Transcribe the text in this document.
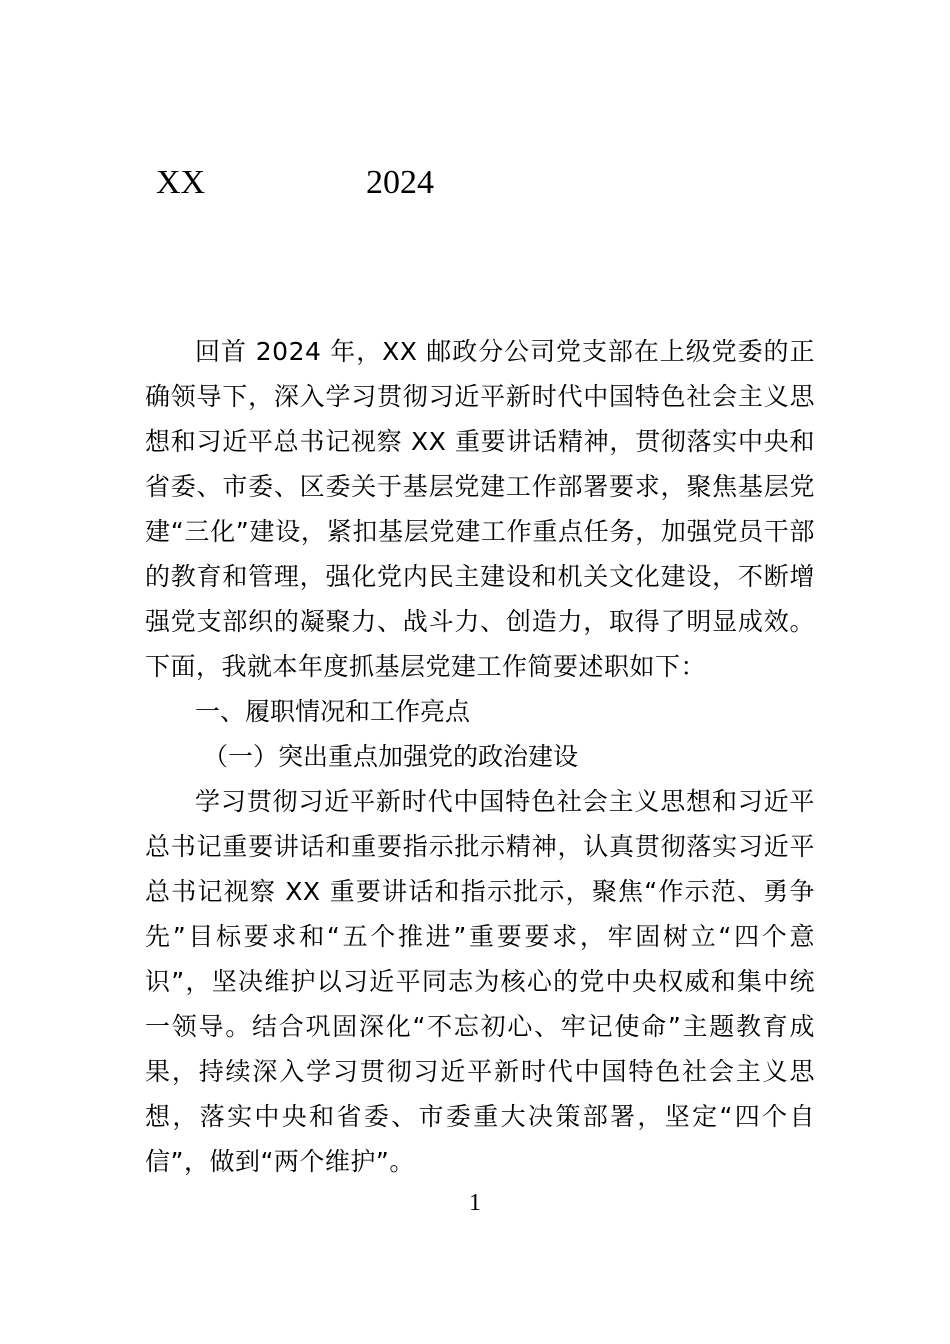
XX	2024

回首 2024 年，XX 邮政分公司党支部在上级党委的正确领导下，深入学习贯彻习近平新时代中国特色社会主义思想和习近平总书记视察 XX 重要讲话精神，贯彻落实中央和省委、市委、区委关于基层党建工作部署要求，聚焦基层党建“三化”建设，紧扣基层党建工作重点任务，加强党员干部的教育和管理，强化党内民主建设和机关文化建设，不断增强党支部织的凝聚力、战斗力、创造力，取得了明显成效。下面，我就本年度抓基层党建工作简要述职如下：

一、履职情况和工作亮点

（一）突出重点加强党的政治建设

学习贯彻习近平新时代中国特色社会主义思想和习近平总书记重要讲话和重要指示批示精神，认真贯彻落实习近平总书记视察 XX 重要讲话和指示批示，聚焦“作示范、勇争先”目标要求和“五个推进”重要要求，牢固树立“四个意识”，坚决维护以习近平同志为核心的党中央权威和集中统一领导。结合巩固深化“不忘初心、牢记使命”主题教育成果，持续深入学习贯彻习近平新时代中国特色社会主义思想，落实中央和省委、市委重大决策部署，坚定“四个自信”，做到“两个维护”。

1
